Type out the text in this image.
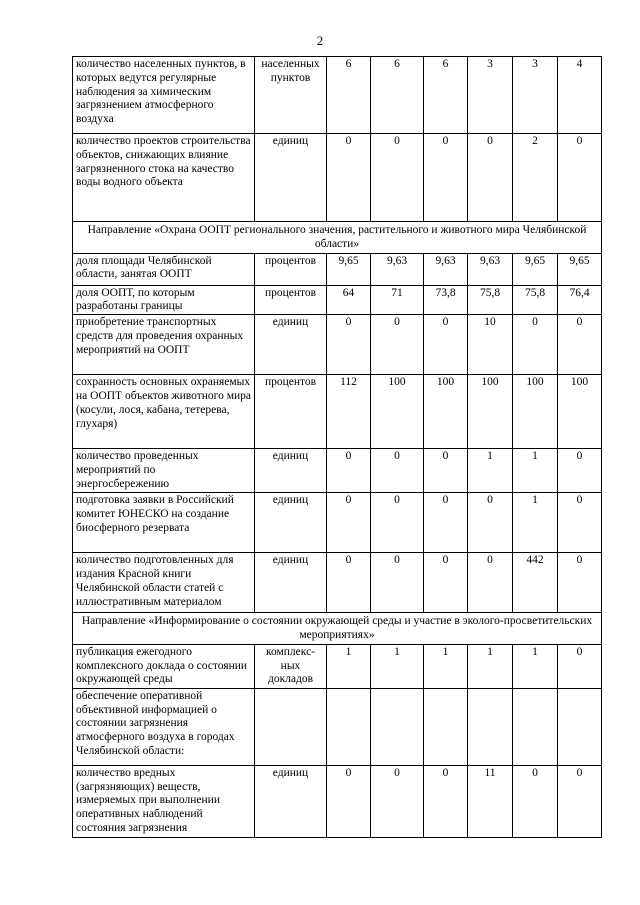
2
количество населенных пунктов, в которых ведутся регулярные наблюдения за химическим загрязнением атмосферного воздуха	населенных пунктов	6	6	6	3	3	4
количество проектов строительства объектов, снижающих влияние загрязненного стока на качество воды водного объекта	единиц	0	0	0	0	2	0
Направление «Охрана ООПТ регионального значения, растительного и животного мира Челябинской области»							
доля площади Челябинской области, занятая ООПТ	процентов	9,65	9,63	9,63	9,63	9,65	9,65
доля ООПТ, по которым разработаны границы	процентов	64	71	73,8	75,8	75,8	76,4
приобретение транспортных средств для проведения охранных мероприятий на ООПТ	единиц	0	0	0	10	0	0
сохранность основных охраняемых на ООПТ объектов животного мира (косули, лося, кабана, тетерева, глухаря)	процентов	112	100	100	100	100	100
количество проведенных мероприятий по энергосбережению	единиц	0	0	0	1	1	0
подготовка заявки в Российский комитет ЮНЕСКО на создание биосферного резервата	единиц	0	0	0	0	1	0
количество подготовленных для издания Красной книги Челябинской области статей с иллюстративным материалом	единиц	0	0	0	0	442	0
Направление «Информирование о состоянии окружающей среды и участие в эколого-просветительских мероприятиях»							
публикация ежегодного комплексного доклада о состоянии окружающей среды	комплекс-ных докладов	1	1	1	1	1	0
обеспечение оперативной объективной информацией о состоянии загрязнения атмосферного воздуха в городах Челябинской области:							
количество вредных (загрязняющих) веществ, измеряемых при выполнении оперативных наблюдений состояния загрязнения	единиц	0	0	0	11	0	0
